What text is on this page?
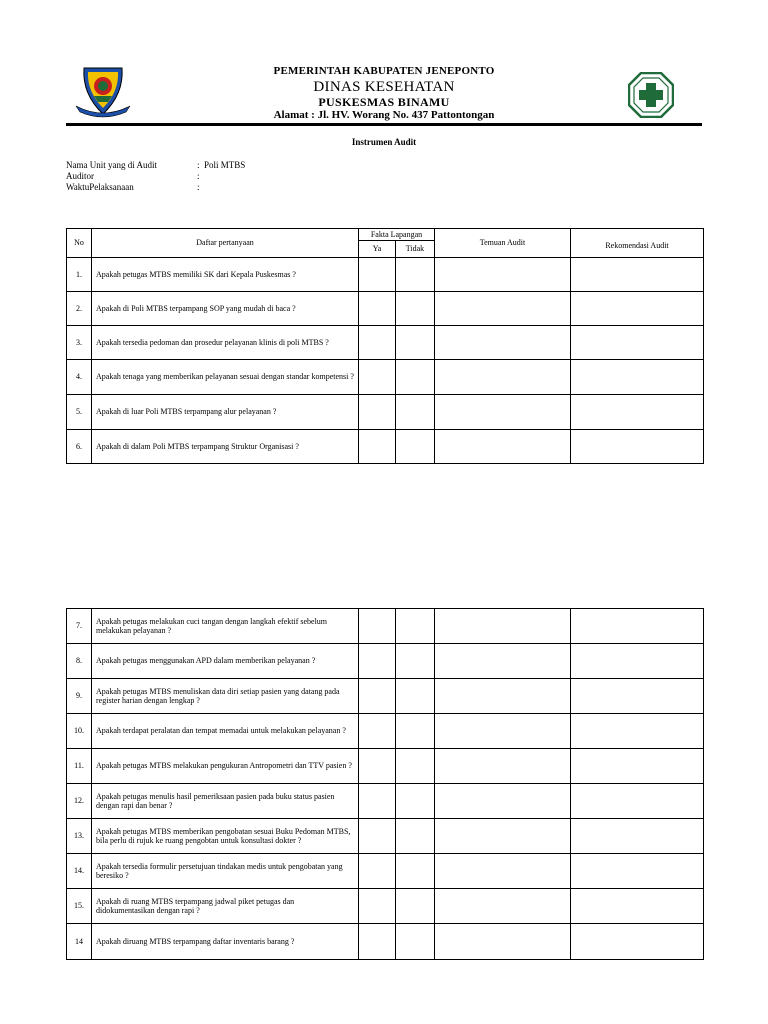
PEMERINTAH KABUPATEN JENEPONTO
DINAS KESEHATAN
PUSKESMAS BINAMU
Alamat : Jl. HV. Worang No. 437 Pattontongan
Instrumen Audit
Nama Unit yang di Audit	: Poli MTBS
Auditor	:
WaktuPelaksanaan	:
No	Daftar pertanyaan	Fakta Lapangan		Temuan Audit	Rekomendasi Audit
		Ya	Tidak		
1.	Apakah petugas MTBS memiliki SK dari Kepala Puskesmas ?				
2.	Apakah di Poli MTBS terpampang SOP yang mudah di baca ?				
3.	Apakah tersedia pedoman dan prosedur pelayanan klinis di poli MTBS ?				
4.	Apakah tenaga yang memberikan pelayanan sesuai dengan standar kompetensi ?				
5.	Apakah di luar Poli MTBS terpampang alur pelayanan ?				
6.	Apakah di dalam Poli MTBS terpampang Struktur Organisasi ?				
7.	Apakah petugas melakukan cuci tangan dengan langkah efektif sebelum melakukan pelayanan ?				
8.	Apakah petugas menggunakan APD dalam memberikan pelayanan ?				
9.	Apakah petugas MTBS menuliskan data diri setiap pasien yang datang pada register harian dengan lengkap ?				
10.	Apakah terdapat peralatan dan tempat memadai untuk melakukan pelayanan ?				
11.	Apakah petugas MTBS melakukan pengukuran Antropometri dan TTV pasien ?				
12.	Apakah petugas menulis hasil pemeriksaan pasien pada buku status pasien dengan rapi dan benar ?				
13.	Apakah petugas MTBS memberikan pengobatan sesuai Buku Pedoman MTBS, bila perlu di rujuk ke ruang pengobtan untuk konsultasi dokter ?				
14.	Apakah tersedia formulir persetujuan tindakan medis untuk pengobatan yang beresiko ?				
15.	Apakah di ruang MTBS terpampang jadwal piket petugas dan didokumentasikan dengan rapi ?				
14	Apakah diruang MTBS terpampang daftar inventaris barang ?				
